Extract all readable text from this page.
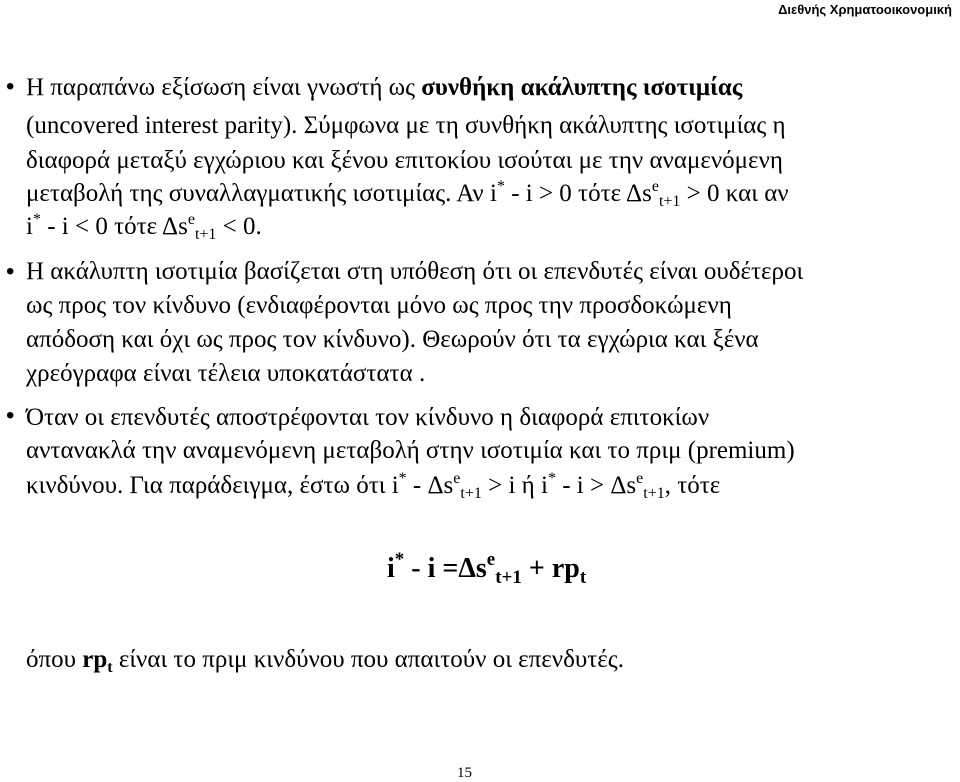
Διεθνής Χρηματοοικονομική
• Η παραπάνω εξίσωση είναι γνωστή ως συνθήκη ακάλυπτης ισοτιμίας
(uncovered interest parity). Σύμφωνα με τη συνθήκη ακάλυπτης ισοτιμίας η
διαφορά μεταξύ εγχώριου και ξένου επιτοκίου ισούται με την αναμενόμενη
μεταβολή της συναλλαγματικής ισοτιμίας. Αν i* - i > 0 τότε $\Delta s^e_{t+1} > 0$ και αν
i* - i < 0 τότε $\Delta s^e_{t+1} < 0$.
• Η ακάλυπτη ισοτιμία βασίζεται στη υπόθεση ότι οι επενδυτές είναι ουδέτεροι
ως προς τον κίνδυνο (ενδιαφέρονται μόνο ως προς την προσδοκώμενη
απόδοση και όχι ως προς τον κίνδυνο). Θεωρούν ότι τα εγχώρια και ξένα
χρεόγραφα είναι τέλεια υποκατάστατα .
• Όταν οι επενδυτές αποστρέφονται τον κίνδυνο η διαφορά επιτοκίων
αντανακλά την αναμενόμενη μεταβολή στην ισοτιμία και το πριμ (premium)
κινδύνου. Για παράδειγμα, έστω ότι $i^* - \Delta s^e_{t+1} > i$ ή $i^* - i > \Delta s^e_{t+1}$, τότε
$i^* - i =\Delta s^e_{t+1} + rp_t$
όπου $rp_t$ είναι το πριμ κινδύνου που απαιτούν οι επενδυτές.
15
